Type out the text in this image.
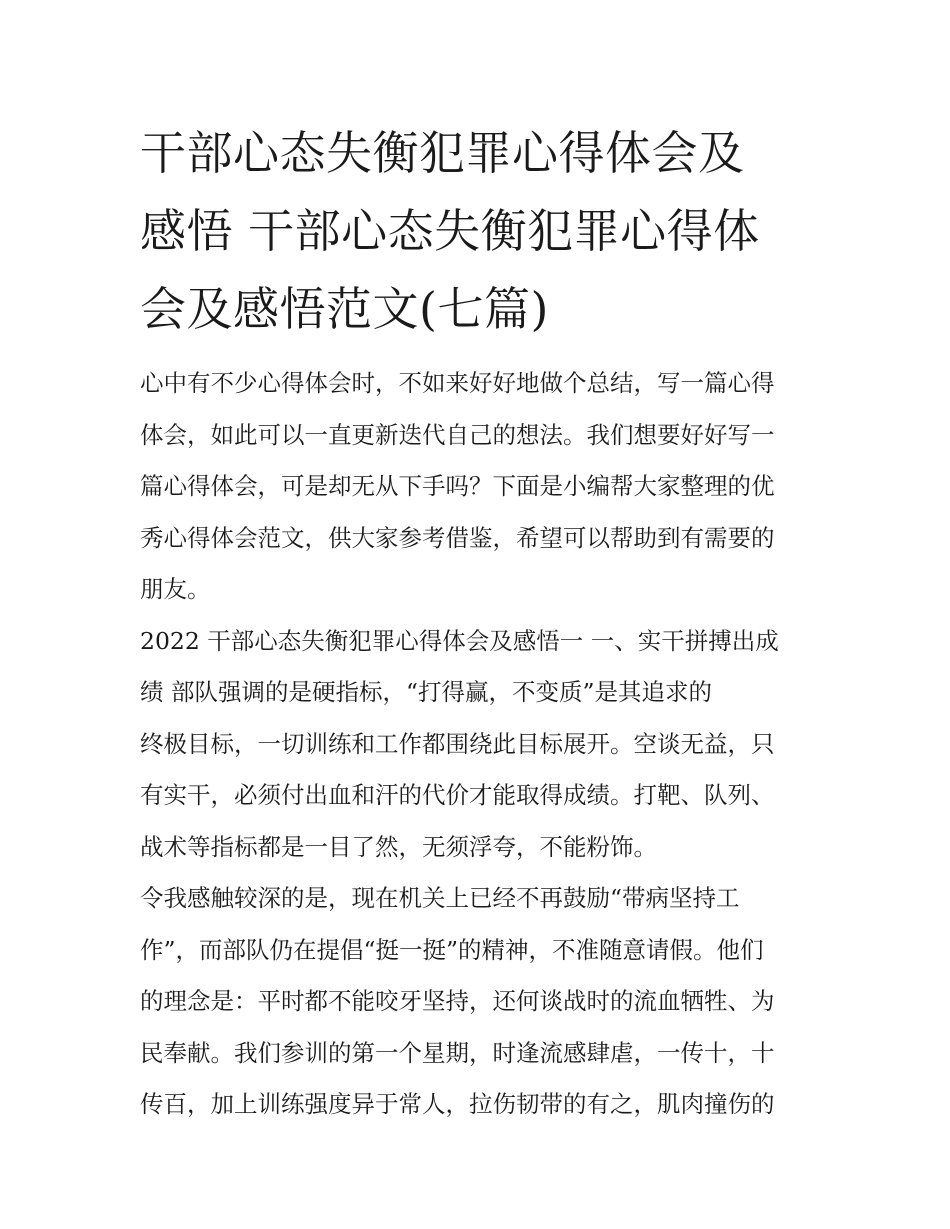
干部心态失衡犯罪心得体会及
感悟 干部心态失衡犯罪心得体
会及感悟范文(七篇)
心中有不少心得体会时，不如来好好地做个总结，写一篇心得
体会，如此可以一直更新迭代自己的想法。我们想要好好写一
篇心得体会，可是却无从下手吗？下面是小编帮大家整理的优
秀心得体会范文，供大家参考借鉴，希望可以帮助到有需要的
朋友。
2022 干部心态失衡犯罪心得体会及感悟一 一、实干拼搏出成
绩 部队强调的是硬指标，“打得赢，不变质”是其追求的
终极目标，一切训练和工作都围绕此目标展开。空谈无益，只
有实干，必须付出血和汗的代价才能取得成绩。打靶、队列、
战术等指标都是一目了然，无须浮夸，不能粉饰。
令我感触较深的是，现在机关上已经不再鼓励“带病坚持工
作”，而部队仍在提倡“挺一挺”的精神，不准随意请假。他们
的理念是：平时都不能咬牙坚持，还何谈战时的流血牺牲、为
民奉献。我们参训的第一个星期，时逢流感肆虐，一传十，十
传百，加上训练强度异于常人，拉伤韧带的有之，肌肉撞伤的
